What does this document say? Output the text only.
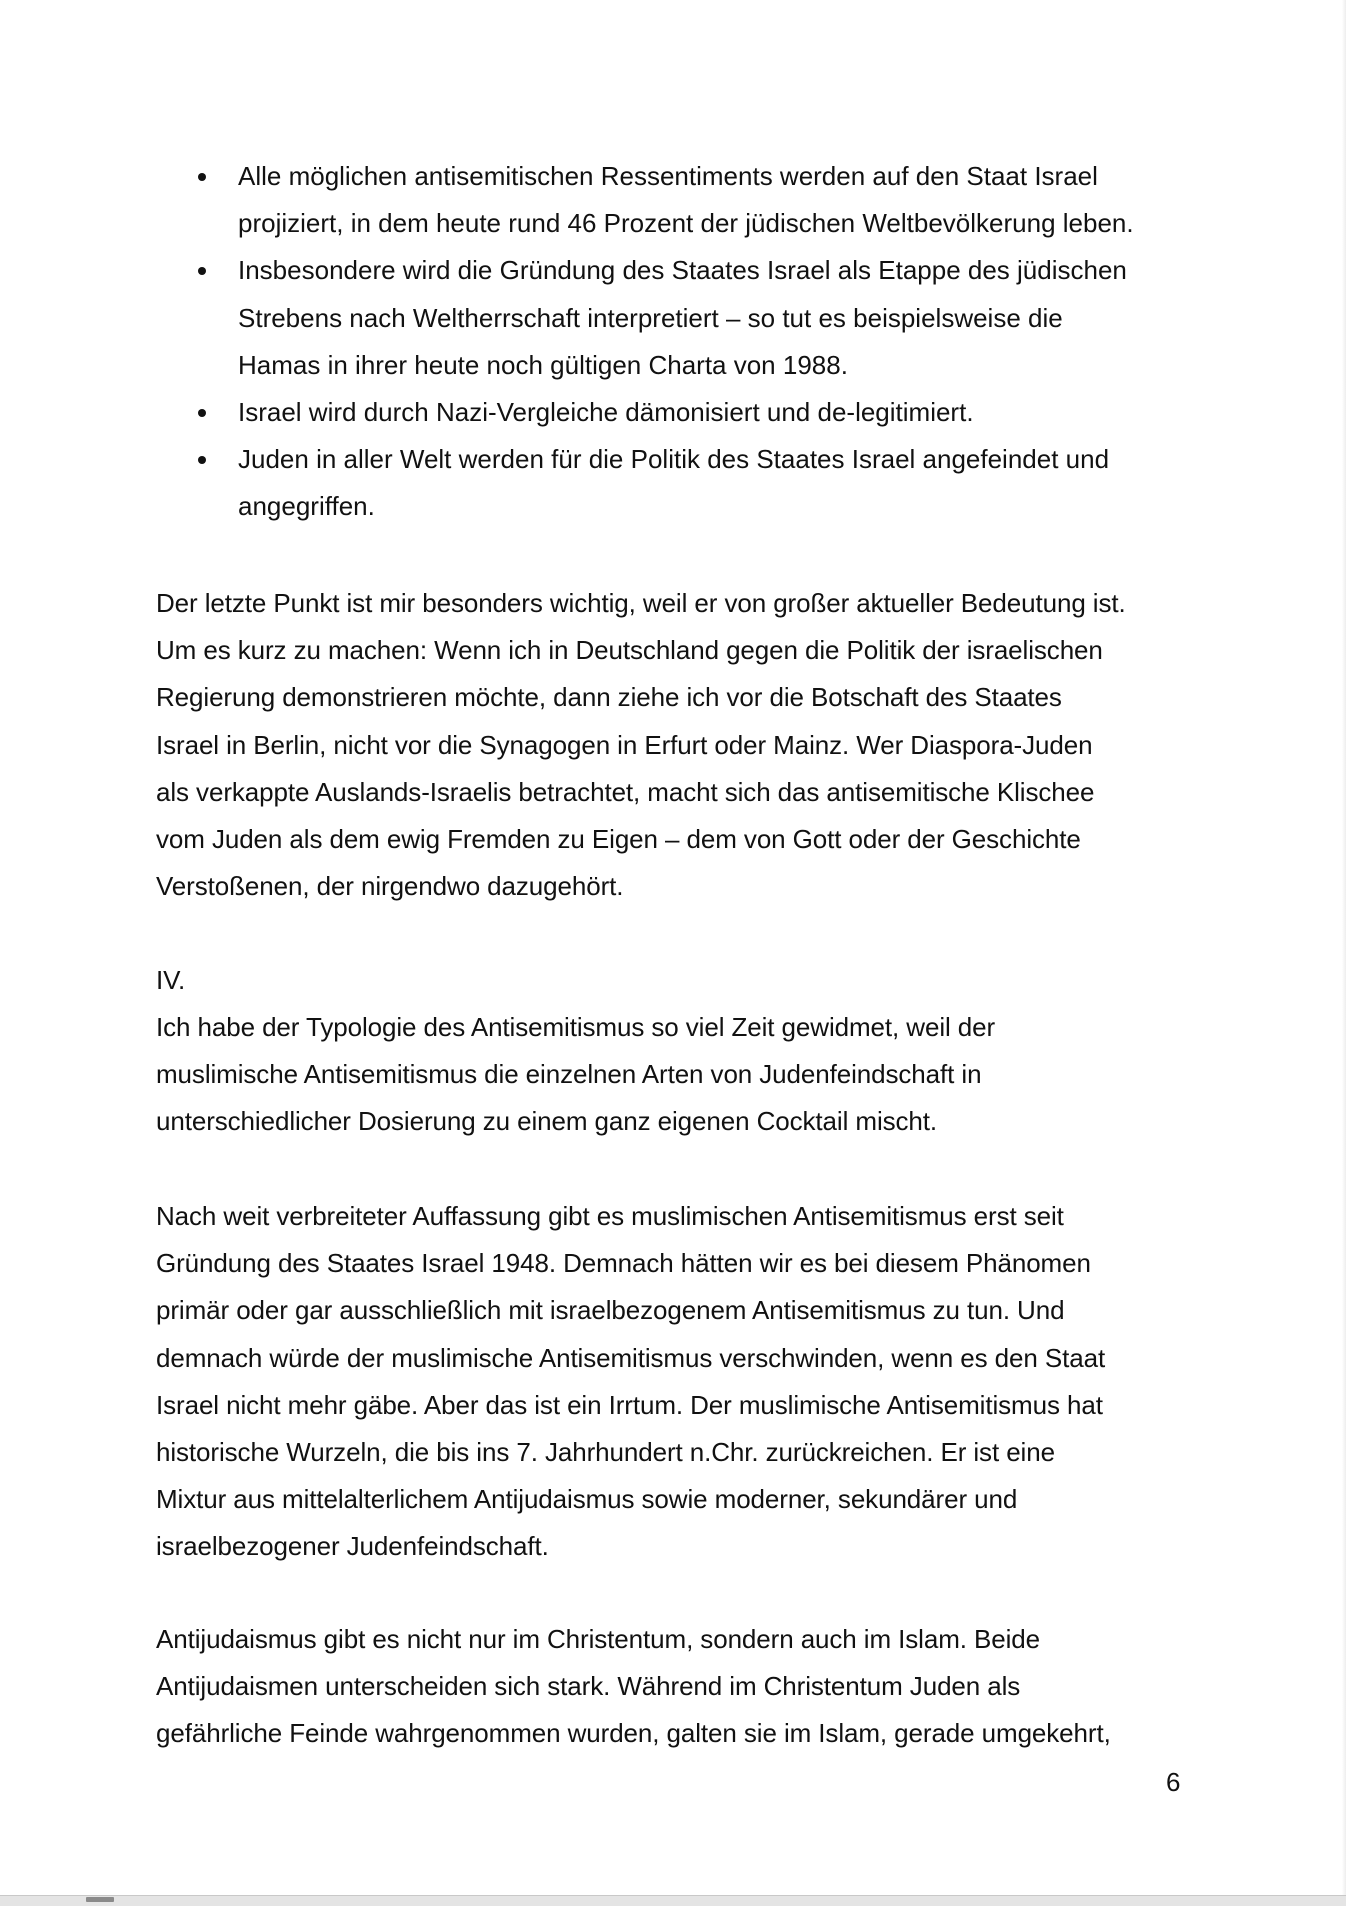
Alle möglichen antisemitischen Ressentiments werden auf den Staat Israel
projiziert, in dem heute rund 46 Prozent der jüdischen Weltbevölkerung leben.
Insbesondere wird die Gründung des Staates Israel als Etappe des jüdischen
Strebens nach Weltherrschaft interpretiert – so tut es beispielsweise die
Hamas in ihrer heute noch gültigen Charta von 1988.
Israel wird durch Nazi-Vergleiche dämonisiert und de-legitimiert.
Juden in aller Welt werden für die Politik des Staates Israel angefeindet und
angegriffen.
Der letzte Punkt ist mir besonders wichtig, weil er von großer aktueller Bedeutung ist.
Um es kurz zu machen: Wenn ich in Deutschland gegen die Politik der israelischen
Regierung demonstrieren möchte, dann ziehe ich vor die Botschaft des Staates
Israel in Berlin, nicht vor die Synagogen in Erfurt oder Mainz. Wer Diaspora-Juden
als verkappte Auslands-Israelis betrachtet, macht sich das antisemitische Klischee
vom Juden als dem ewig Fremden zu Eigen – dem von Gott oder der Geschichte
Verstoßenen, der nirgendwo dazugehört.
IV.
Ich habe der Typologie des Antisemitismus so viel Zeit gewidmet, weil der
muslimische Antisemitismus die einzelnen Arten von Judenfeindschaft in
unterschiedlicher Dosierung zu einem ganz eigenen Cocktail mischt.
Nach weit verbreiteter Auffassung gibt es muslimischen Antisemitismus erst seit
Gründung des Staates Israel 1948. Demnach hätten wir es bei diesem Phänomen
primär oder gar ausschließlich mit israelbezogenem Antisemitismus zu tun. Und
demnach würde der muslimische Antisemitismus verschwinden, wenn es den Staat
Israel nicht mehr gäbe. Aber das ist ein Irrtum. Der muslimische Antisemitismus hat
historische Wurzeln, die bis ins 7. Jahrhundert n.Chr. zurückreichen. Er ist eine
Mixtur aus mittelalterlichem Antijudaismus sowie moderner, sekundärer und
israelbezogener Judenfeindschaft.
Antijudaismus gibt es nicht nur im Christentum, sondern auch im Islam. Beide
Antijudaismen unterscheiden sich stark. Während im Christentum Juden als
gefährliche Feinde wahrgenommen wurden, galten sie im Islam, gerade umgekehrt,
6
